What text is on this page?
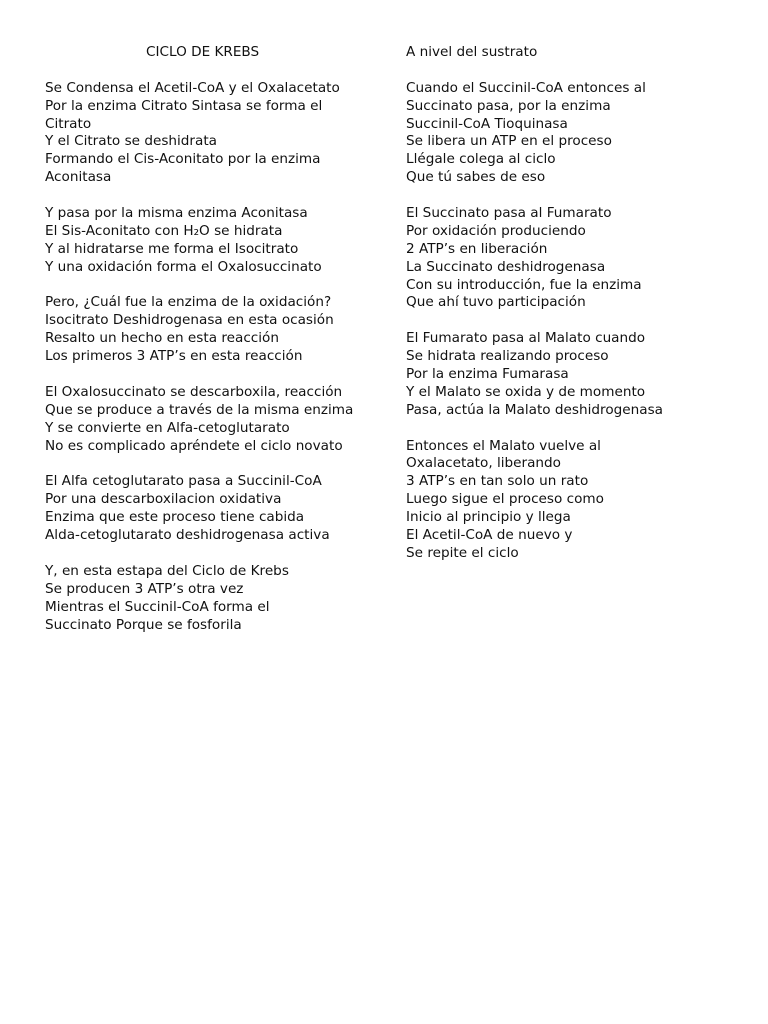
CICLO DE KREBS
Se Condensa el Acetil-CoA y el Oxalacetato
Por la enzima Citrato Sintasa se forma el
Citrato
Y el Citrato se deshidrata
Formando el Cis-Aconitato por la enzima
Aconitasa
Y pasa por la misma enzima Aconitasa
El Sis-Aconitato con H₂O se hidrata
Y al hidratarse me forma el Isocitrato
Y una oxidación forma el Oxalosuccinato
Pero, ¿Cuál fue la enzima de la oxidación?
Isocitrato Deshidrogenasa en esta ocasión
Resalto un hecho en esta reacción
Los primeros 3 ATP’s en esta reacción
El Oxalosuccinato se descarboxila, reacción
Que se produce a través de la misma enzima
Y se convierte en Alfa-cetoglutarato
No es complicado apréndete el ciclo novato
El Alfa cetoglutarato pasa a Succinil-CoA
Por una descarboxilacion oxidativa
Enzima que este proceso tiene cabida
Alda-cetoglutarato deshidrogenasa activa
Y, en esta estapa del Ciclo de Krebs
Se producen 3 ATP’s otra vez
Mientras el Succinil-CoA forma el
Succinato Porque se fosforila
A nivel del sustrato
Cuando el Succinil-CoA entonces al
Succinato pasa, por la enzima
Succinil-CoA Tioquinasa
Se libera un ATP en el proceso
Llégale colega al ciclo
Que tú sabes de eso
El Succinato pasa al Fumarato
Por oxidación produciendo
2 ATP’s en liberación
La Succinato deshidrogenasa
Con su introducción, fue la enzima
Que ahí tuvo participación
El Fumarato pasa al Malato cuando
Se hidrata realizando proceso
Por la enzima Fumarasa
Y el Malato se oxida y de momento
Pasa, actúa la Malato deshidrogenasa
Entonces el Malato vuelve al
Oxalacetato, liberando
3 ATP’s en tan solo un rato
Luego sigue el proceso como
Inicio al principio y llega
El Acetil-CoA de nuevo y
Se repite el ciclo
